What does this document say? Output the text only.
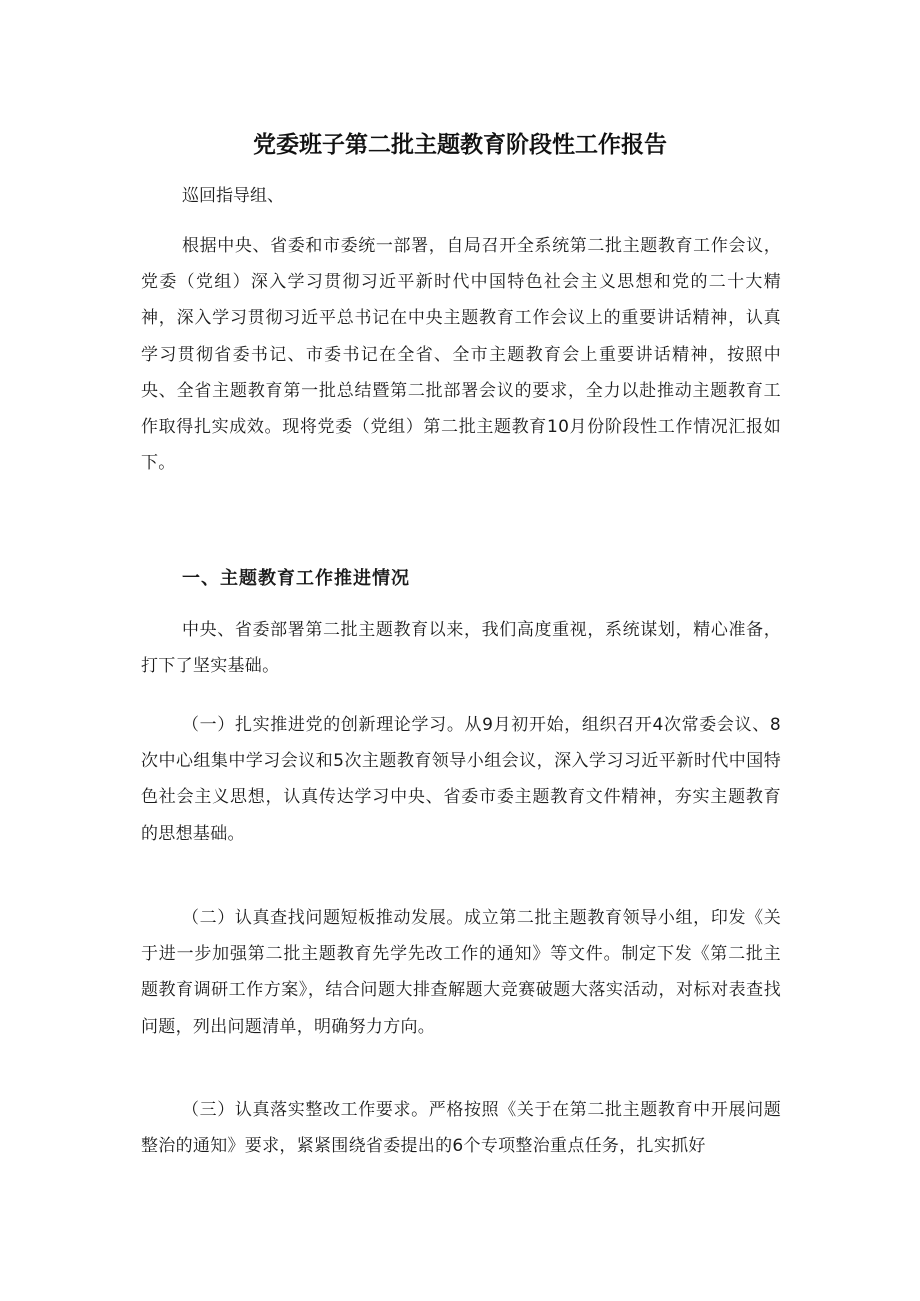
党委班子第二批主题教育阶段性工作报告
巡回指导组、
根据中央、省委和市委统一部署，自局召开全系统第二批主题教育工作会议，党委（党组）深入学习贯彻习近平新时代中国特色社会主义思想和党的二十大精神，深入学习贯彻习近平总书记在中央主题教育工作会议上的重要讲话精神，认真学习贯彻省委书记、市委书记在全省、全市主题教育会上重要讲话精神，按照中央、全省主题教育第一批总结暨第二批部署会议的要求，全力以赴推动主题教育工作取得扎实成效。现将党委（党组）第二批主题教育10月份阶段性工作情况汇报如下。
一、主题教育工作推进情况
中央、省委部署第二批主题教育以来，我们高度重视，系统谋划，精心准备，打下了坚实基础。
（一）扎实推进党的创新理论学习。从9月初开始，组织召开4次常委会议、8次中心组集中学习会议和5次主题教育领导小组会议，深入学习习近平新时代中国特色社会主义思想，认真传达学习中央、省委市委主题教育文件精神，夯实主题教育的思想基础。
（二）认真查找问题短板推动发展。成立第二批主题教育领导小组，印发《关于进一步加强第二批主题教育先学先改工作的通知》等文件。制定下发《第二批主题教育调研工作方案》，结合问题大排查解题大竞赛破题大落实活动，对标对表查找问题，列出问题清单，明确努力方向。
（三）认真落实整改工作要求。严格按照《关于在第二批主题教育中开展问题整治的通知》要求，紧紧围绕省委提出的6个专项整治重点任务，扎实抓好
